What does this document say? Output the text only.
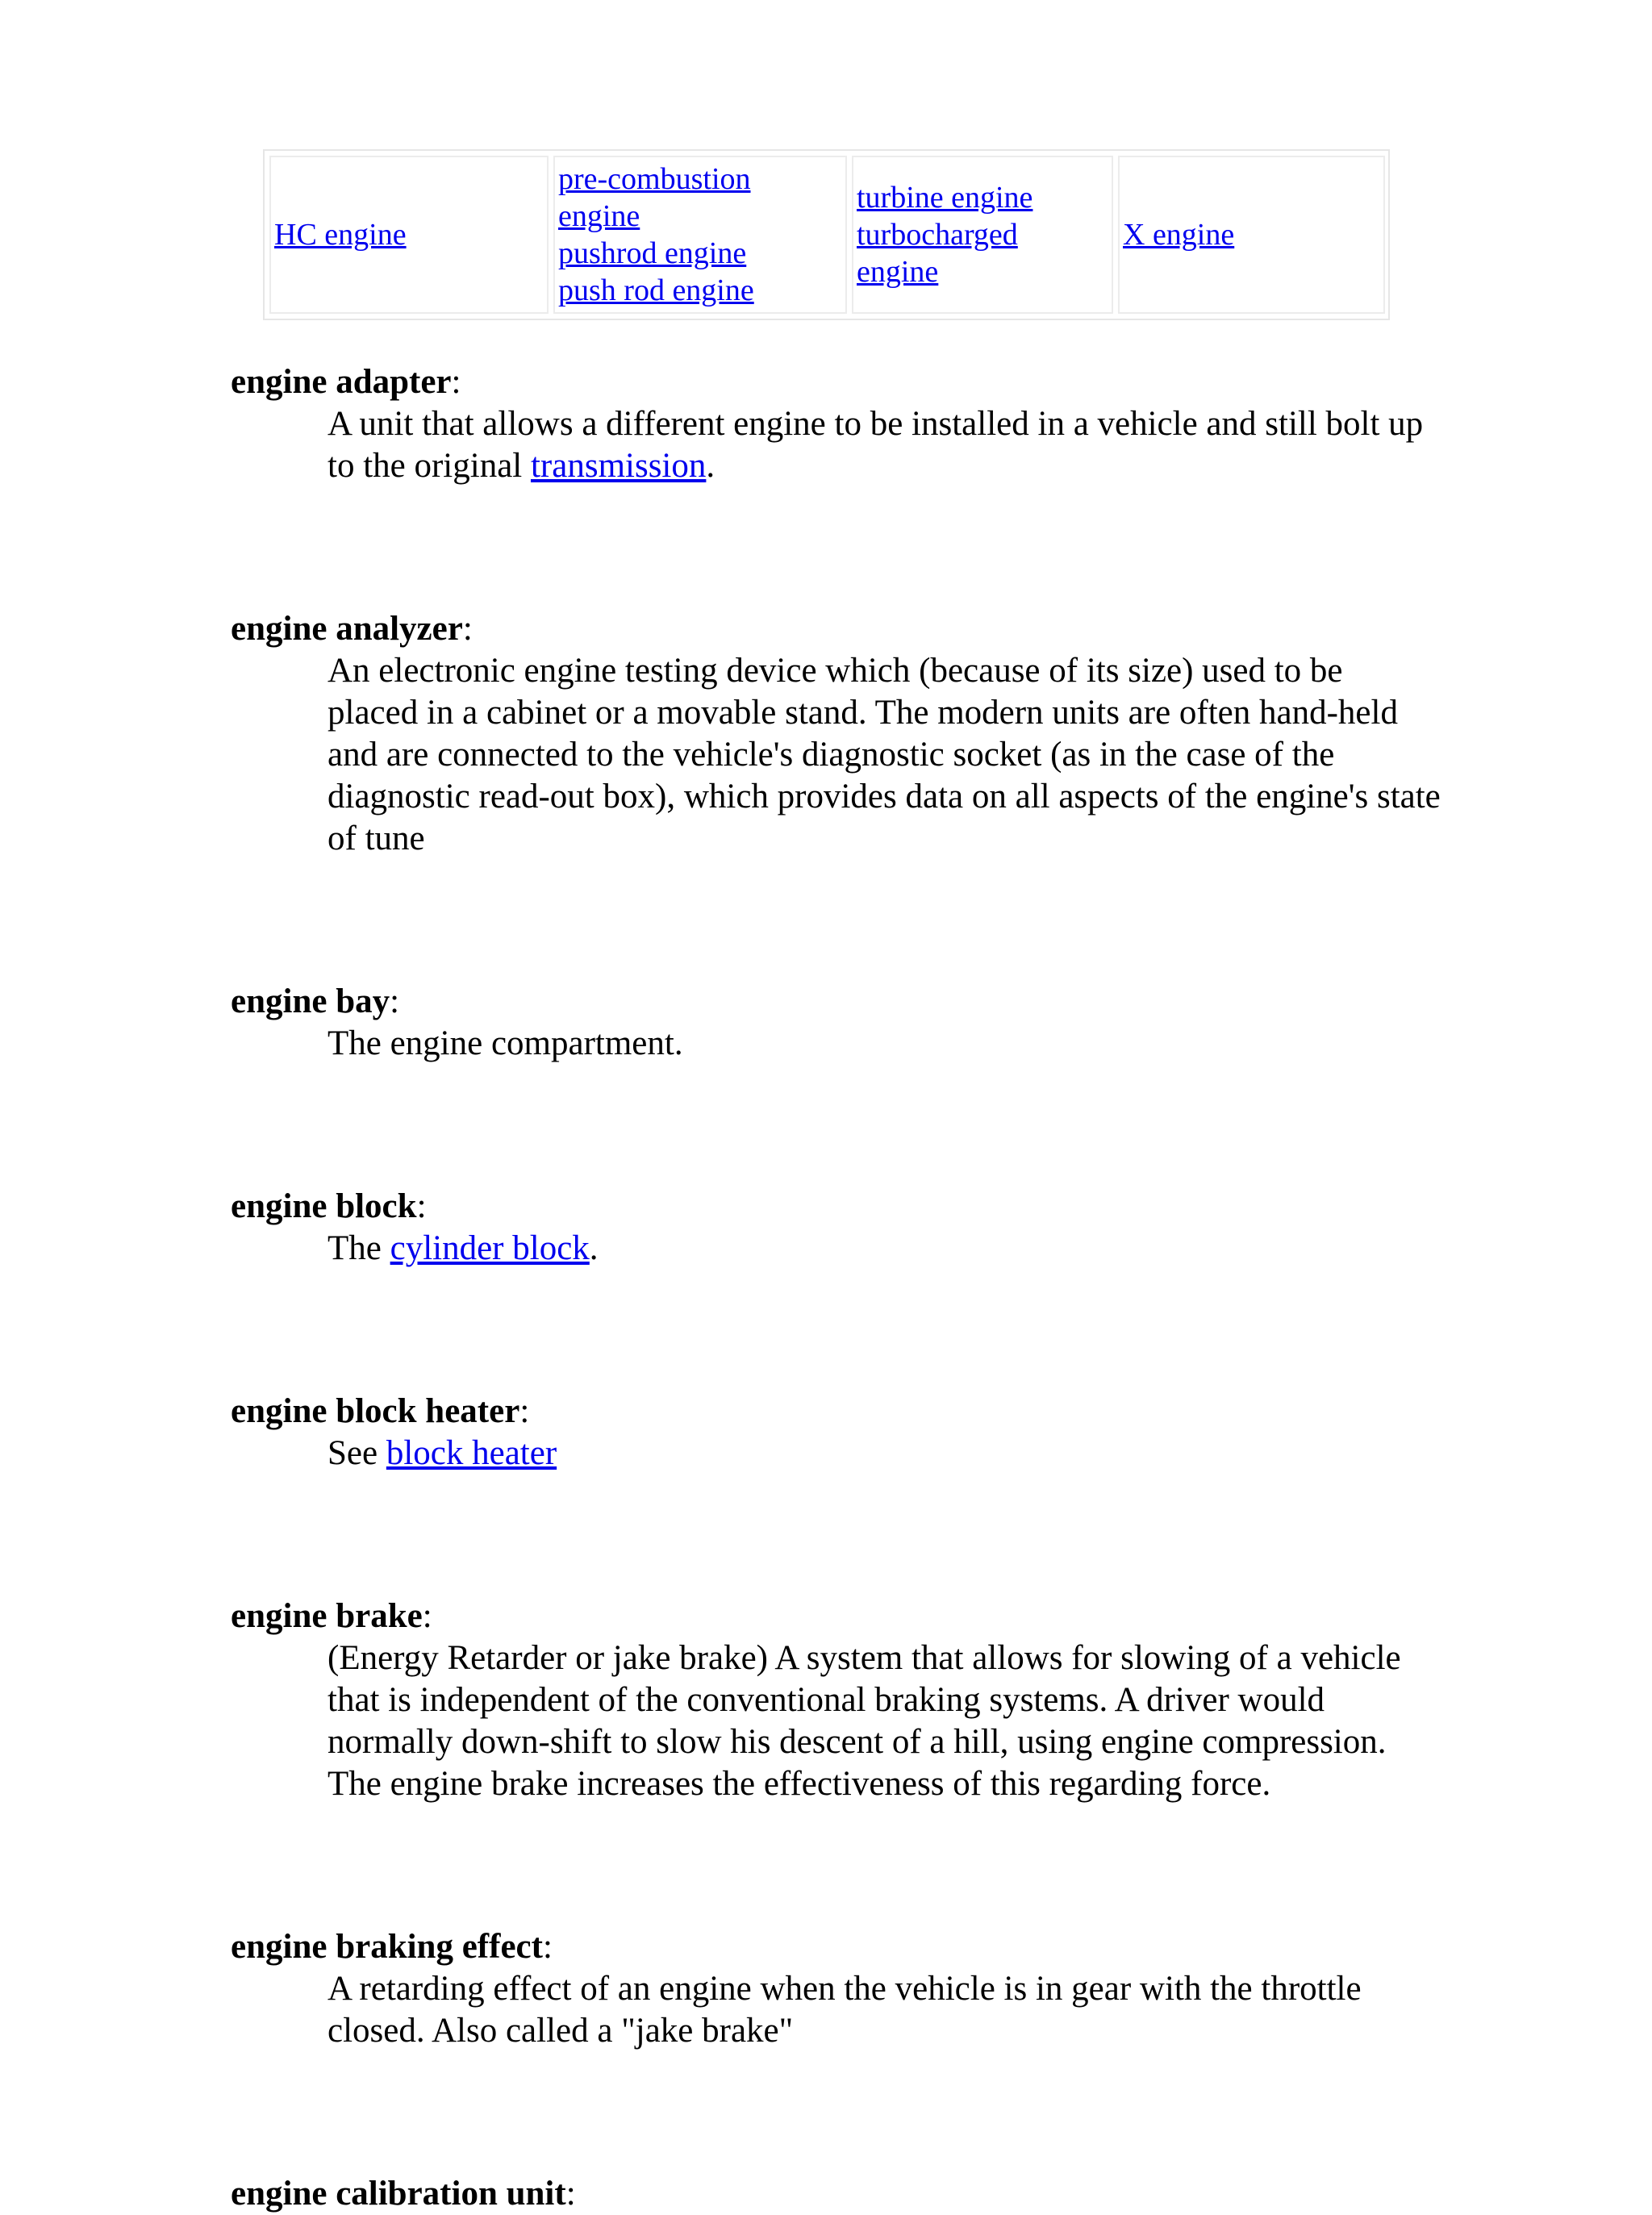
HC engine
pre-combustion engine
pushrod engine
push rod engine
turbine engine
turbocharged engine
X engine
engine adapter:
A unit that allows a different engine to be installed in a vehicle and still bolt up to the original transmission.
engine analyzer:
An electronic engine testing device which (because of its size) used to be placed in a cabinet or a movable stand. The modern units are often hand-held and are connected to the vehicle's diagnostic socket (as in the case of the diagnostic read-out box), which provides data on all aspects of the engine's state of tune
engine bay:
The engine compartment.
engine block:
The cylinder block.
engine block heater:
See block heater
engine brake:
(Energy Retarder or jake brake) A system that allows for slowing of a vehicle that is independent of the conventional braking systems. A driver would normally down-shift to slow his descent of a hill, using engine compression. The engine brake increases the effectiveness of this regarding force.
engine braking effect:
A retarding effect of an engine when the vehicle is in gear with the throttle closed. Also called a "jake brake"
engine calibration unit:
